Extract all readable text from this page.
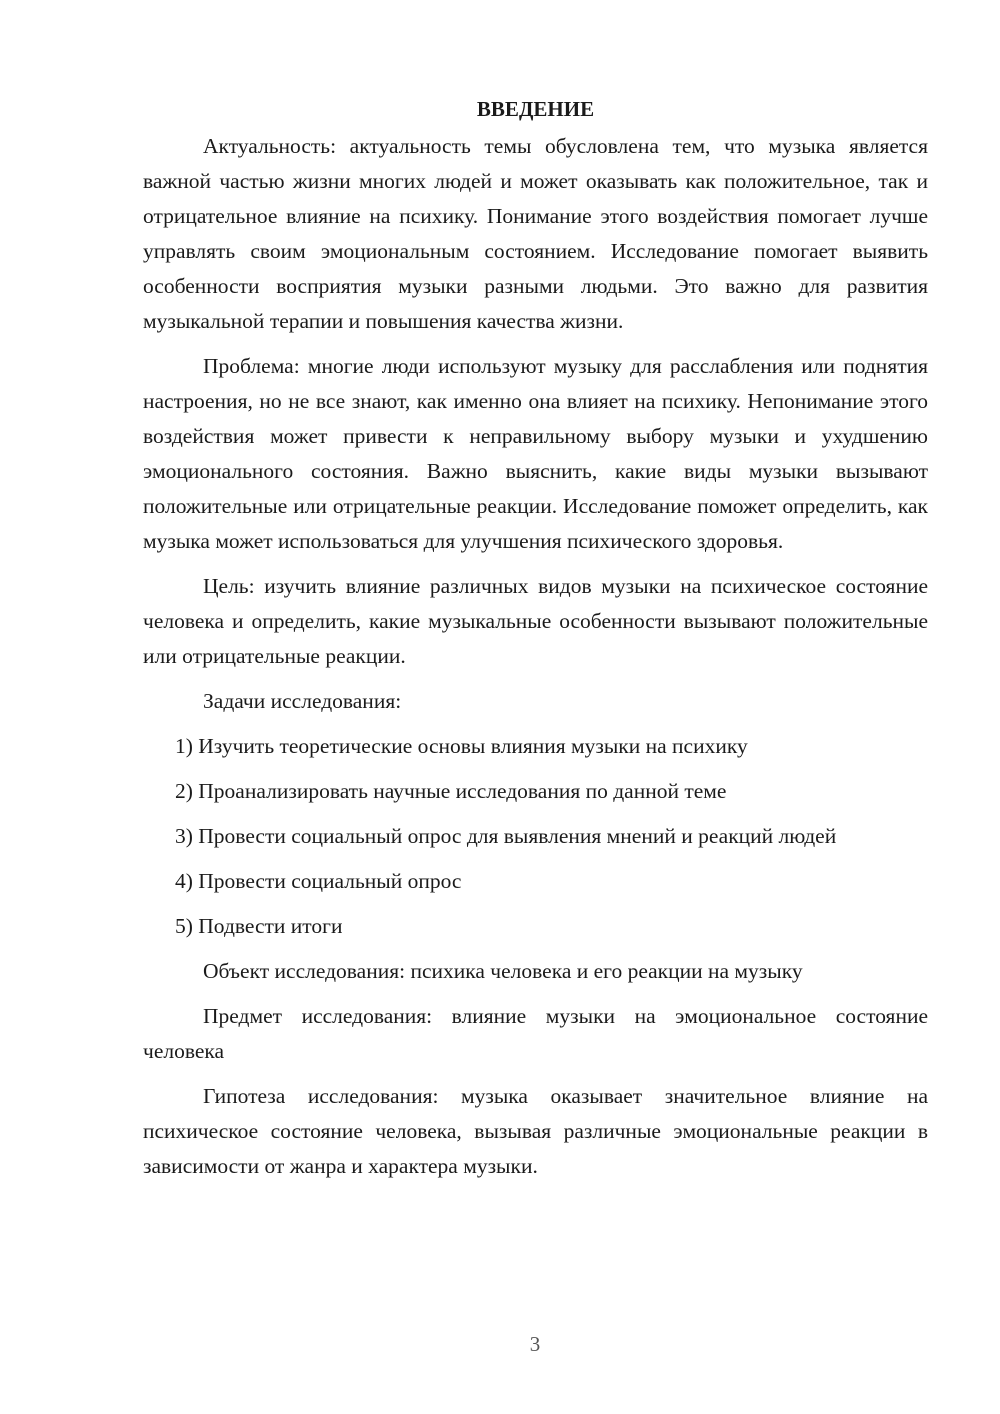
ВВЕДЕНИЕ

Актуальность: актуальность темы обусловлена тем, что музыка является важной частью жизни многих людей и может оказывать как положительное, так и отрицательное влияние на психику. Понимание этого воздействия помогает лучше управлять своим эмоциональным состоянием. Исследование помогает выявить особенности восприятия музыки разными людьми. Это важно для развития музыкальной терапии и повышения качества жизни.

Проблема: многие люди используют музыку для расслабления или поднятия настроения, но не все знают, как именно она влияет на психику. Непонимание этого воздействия может привести к неправильному выбору музыки и ухудшению эмоционального состояния. Важно выяснить, какие виды музыки вызывают положительные или отрицательные реакции. Исследование поможет определить, как музыка может использоваться для улучшения психического здоровья.

Цель: изучить влияние различных видов музыки на психическое состояние человека и определить, какие музыкальные особенности вызывают положительные или отрицательные реакции.

Задачи исследования:

1) Изучить теоретические основы влияния музыки на психику

2) Проанализировать научные исследования по данной теме

3) Провести социальный опрос для выявления мнений и реакций людей

4) Провести социальный опрос

5) Подвести итоги

Объект исследования: психика человека и его реакции на музыку

Предмет исследования: влияние музыки на эмоциональное состояние человека

Гипотеза исследования: музыка оказывает значительное влияние на психическое состояние человека, вызывая различные эмоциональные реакции в зависимости от жанра и характера музыки.

3
